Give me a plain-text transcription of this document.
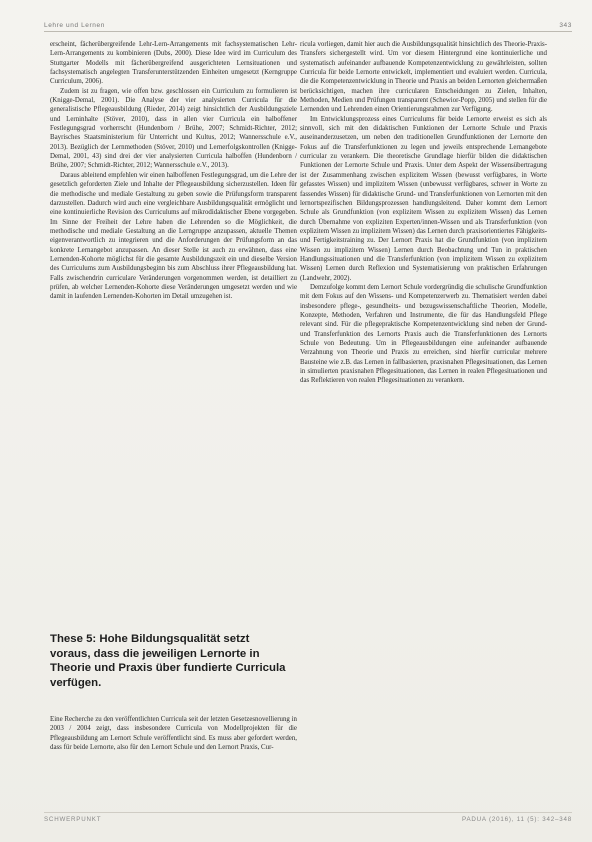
Lehre und Lernen	343

erscheint, fächerübergreifende Lehr-Lern-Arrangements mit fachsystematischen Lehr-Lern-Arrangements zu kombinieren (Dubs, 2000). Diese Idee wird im Curriculum des Stuttgarter Modells mit fächerübergreifend ausgerichteten Lernsituationen und fachsystematisch angelegten Transferunterstützenden Einheiten umgesetzt (Kerngruppe Curriculum, 2006).

Zudem ist zu fragen, wie offen bzw. geschlossen ein Curriculum zu formulieren ist (Knigge-Demal, 2001). Die Analyse der vier analysierten Curricula für die generalistische Pflegeausbildung (Rieder, 2014) zeigt hinsichtlich der Ausbildungsziele und Lerninhalte (Stöver, 2010), dass in allen vier Curricula ein halboffener Festlegungsgrad vorherrscht (Hundenborn / Brühe, 2007; Schmidt-Richter, 2012; Bayrisches Staatsministerium für Unterricht und Kultus, 2012; Wannersschule e.V., 2013). Bezüglich der Lernmethoden (Stöver, 2010) und Lernerfolgskontrollen (Knigge-Demal, 2001, 43) sind drei der vier analysierten Curricula halboffen (Hundenborn / Brühe, 2007; Schmidt-Richter, 2012; Wannersschule e.V., 2013).

Daraus ableitend empfehlen wir einen halboffenen Festlegungsgrad, um die Lehre der gesetzlich geforderten Ziele und Inhalte der Pflegeausbildung sicherzustellen. Ideen für die methodische und mediale Gestaltung zu geben sowie die Prüfungsform transparent darzustellen. Dadurch wird auch eine vergleichbare Ausbildungsqualität ermöglicht und eine kontinuierliche Revision des Curriculums auf mikrodidaktischer Ebene vorgegeben. Im Sinne der Freiheit der Lehre haben die Lehrenden so die Möglichkeit, die methodische und mediale Gestaltung an die Lerngruppe anzupassen, aktuelle Themen eigenverantwortlich zu integrieren und die Anforderungen der Prüfungsform an das konkrete Lernangebot anzupassen. An dieser Stelle ist auch zu erwähnen, dass eine Lernenden-Kohorte möglichst für die gesamte Ausbildungszeit ein und dieselbe Version des Curriculums zum Ausbildungsbeginn bis zum Abschluss ihrer Pflegeausbildung hat. Falls zwischendrin curriculare Veränderungen vorgenommen werden, ist detailliert zu prüfen, ab welcher Lernenden-Kohorte diese Veränderungen umgesetzt werden und wie damit in laufenden Lernenden-Kohorten im Detail umzugehen ist.

These 5: Hohe Bildungsqualität setzt voraus, dass die jeweiligen Lernorte in Theorie und Praxis über fundierte Curricula verfügen.

Eine Recherche zu den veröffentlichten Curricula seit der letzten Gesetzesnovellierung in 2003 / 2004 zeigt, dass insbesondere Curricula von Modellprojekten für die Pflegeausbildung am Lernort Schule veröffentlicht sind. Es muss aber gefordert werden, dass für beide Lernorte, also für den Lernort Schule und den Lernort Praxis, Cur-

ricula vorliegen, damit hier auch die Ausbildungsqualität hinsichtlich des Theorie-Praxis-Transfers sichergestellt wird. Um vor diesem Hintergrund eine kontinuierliche und systematisch aufeinander aufbauende Kompetenzentwicklung zu gewährleisten, sollten Curricula für beide Lernorte entwickelt, implementiert und evaluiert werden. Curricula, die die Kompetenzentwicklung in Theorie und Praxis an beiden Lernorten gleichermaßen berücksichtigen, machen ihre curricularen Entscheidungen zu Zielen, Inhalten, Methoden, Medien und Prüfungen transparent (Schewior-Popp, 2005) und stellen für die Lernenden und Lehrenden einen Orientierungsrahmen zur Verfügung.

Im Entwicklungsprozess eines Curriculums für beide Lernorte erweist es sich als sinnvoll, sich mit den didaktischen Funktionen der Lernorte Schule und Praxis auseinanderzusetzen, um neben den traditionellen Grundfunktionen der Lernorte den Fokus auf die Transferfunktionen zu legen und jeweils entsprechende Lernangebote curricular zu verankern. Die theoretische Grundlage hierfür bilden die didaktischen Funktionen der Lernorte Schule und Praxis. Unter dem Aspekt der Wissensübertragung ist der Zusammenhang zwischen explizitem Wissen (bewusst verfügbares, in Worte gefasstes Wissen) und implizitem Wissen (unbewusst verfügbares, schwer in Worte zu fassendes Wissen) für didaktische Grund- und Transferfunktionen von Lernorten mit den lernortspezifischen Bildungsprozessen handlungsleitend. Daher kommt dem Lernort Schule als Grundfunktion (von explizitem Wissen zu explizitem Wissen) das Lernen durch Übernahme von expliziten Experten/innen-Wissen und als Transferfunktion (von explizitem Wissen zu implizitem Wissen) das Lernen durch praxisorientiertes Fähigkeits- und Fertigkeitstraining zu. Der Lernort Praxis hat die Grundfunktion (von implizitem Wissen zu implizitem Wissen) Lernen durch Beobachtung und Tun in praktischen Handlungssituationen und die Transferfunktion (von implizitem Wissen zu explizitem Wissen) Lernen durch Reflexion und Systematisierung von praktischen Erfahrungen (Landwehr, 2002).

Demzufolge kommt dem Lernort Schule vordergründig die schulische Grundfunktion mit dem Fokus auf den Wissens- und Kompetenzerwerb zu. Thematisiert werden dabei insbesondere pflege-, gesundheits- und bezugswissenschaftliche Theorien, Modelle, Konzepte, Methoden, Verfahren und Instrumente, die für das Handlungsfeld Pflege relevant sind. Für die pflegepraktische Kompetenzentwicklung sind neben der Grund- und Transferfunktion des Lernorts Praxis auch die Transferfunktionen des Lernorts Schule von Bedeutung. Um in Pflegeausbildungen eine aufeinander aufbauende Verzahnung von Theorie und Praxis zu erreichen, sind hierfür curricular mehrere Bausteine wie z.B. das Lernen in fallbasierten, praxisnahen Pflegesituationen, das Lernen in simulierten praxisnahen Pflegesituationen, das Lernen in realen Pflegesituationen und das Reflektieren von realen Pflegesituationen zu verankern.

SCHWERPUNKT	PADUA (2016), 11 (5): 342–348
